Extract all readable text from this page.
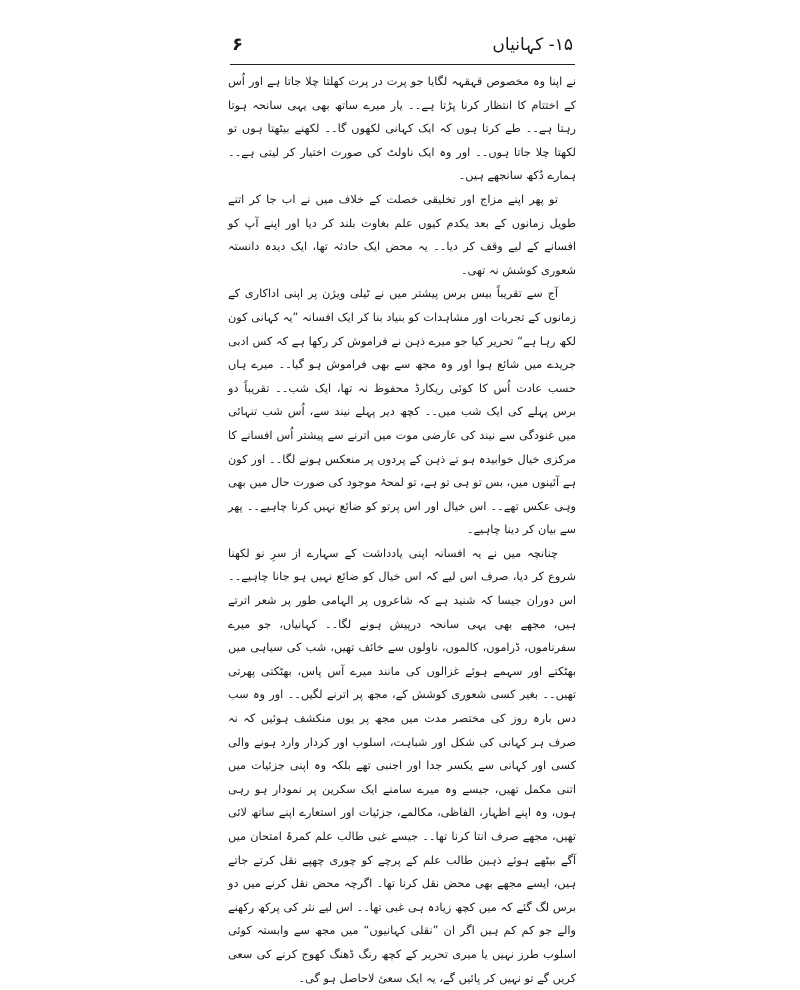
۶	۱۵- کہانیاں

نے اپنا وہ مخصوص قہقہہ لگایا جو پرت در پرت کھلتا چلا جاتا ہے اور اُس کے اختتام کا انتظار کرنا پڑتا ہے۔۔ یار میرے ساتھ بھی یہی سانحہ ہوتا رہتا ہے۔۔ طے کرتا ہوں کہ ایک کہانی لکھوں گا۔۔ لکھنے بیٹھتا ہوں تو لکھتا چلا جاتا ہوں۔۔ اور وہ ایک ناولٹ کی صورت اختیار کر لیتی ہے۔۔ ہمارے دُکھ سانجھے ہیں۔

تو پھر اپنے مزاج اور تخلیقی خصلت کے خلاف میں نے اب جا کر اتنے طویل زمانوں کے بعد یکدم کیوں علم بغاوت بلند کر دیا اور اپنے آپ کو افسانے کے لیے وقف کر دیا۔۔ یہ محض ایک حادثہ تھا، ایک دیدہ دانستہ شعوری کوشش نہ تھی۔

آج سے تقریباً بیس برس پیشتر میں نے ٹیلی ویژن پر اپنی اداکاری کے زمانوں کے تجربات اور مشاہدات کو بنیاد بنا کر ایک افسانہ ”یہ کہانی کون لکھ رہا ہے“ تحریر کیا جو میرے ذہن نے فراموش کر رکھا ہے کہ کس ادبی جریدے میں شائع ہوا اور وہ مجھ سے بھی فراموش ہو گیا۔۔ میرے ہاں حسب عادت اُس کا کوئی ریکارڈ محفوظ نہ تھا، ایک شب۔۔ تقریباً دو برس پہلے کی ایک شب میں۔۔ کچھ دیر پہلے نیند سے، اُس شب تنہائی میں غنودگی سے نیند کی عارضی موت میں اترنے سے پیشتر اُس افسانے کا مرکزی خیال خوابیدہ ہو تے ذہن کے پردوں پر منعکس ہونے لگا۔۔ اور کون ہے آئینوں میں، بس تو ہی تو ہے، تو لمحۂ موجود کی صورت حال میں بھی وہی عکس تھے۔۔ اس خیال اور اس پرتو کو ضائع نہیں کرنا چاہیے۔۔ پھر سے بیان کر دینا چاہیے۔

چنانچہ میں نے یہ افسانہ اپنی یادداشت کے سہارے از سرِ نو لکھنا شروع کر دیا، صرف اس لیے کہ اس خیال کو ضائع نہیں ہو جانا چاہیے۔۔ اس دوران جیسا کہ شنید ہے کہ شاعروں پر الہامی طور پر شعر اترتے ہیں، مجھے بھی یہی سانحہ درپیش ہونے لگا۔۔ کہانیاں، جو میرے سفرناموں، ڈراموں، کالموں، ناولوں سے خائف تھیں، شب کی سیاہی میں بھٹکتے اور سہمے ہوئے غزالوں کی مانند میرے آس پاس، بھٹکتی پھرتی تھیں۔۔ بغیر کسی شعوری کوشش کے، مجھ پر اترنے لگیں۔۔ اور وہ سب دس بارہ روز کی مختصر مدت میں مجھ پر یوں منکشف ہوئیں کہ نہ صرف ہر کہانی کی شکل اور شباہت، اسلوب اور کردار وارد ہونے والی کسی اور کہانی سے یکسر جدا اور اجنبی تھے بلکہ وہ اپنی جزئیات میں اتنی مکمل تھیں، جیسے وہ میرے سامنے ایک سکرین پر نمودار ہو رہی ہوں، وہ اپنے اظہار، الفاظی، مکالمے، جزئیات اور استعارے اپنے ساتھ لائی تھیں، مجھے صرف انتا کرنا تھا۔۔ جیسے غبی طالب علم کمرۂ امتحان میں آگے بیٹھے ہوئے ذہین طالب علم کے پرچے کو چوری چھپے نقل کرتے جاتے ہیں، ایسے مجھے بھی محض نقل کرنا تھا۔ اگرچہ محض نقل کرنے میں دو برس لگ گئے کہ میں کچھ زیادہ ہی غبی تھا۔۔ اس لیے نثر کی پرکھ رکھنے والے جو کم کم ہیں اگر ان ”نقلی کہانیوں“ میں مجھ سے وابستہ کوئی اسلوب طرز نہیں یا میری تحریر کے کچھ رنگ ڈھنگ کھوج کرنے کی سعی کریں گے تو نہیں کر پائیں گے، یہ ایک سعیٔ لاحاصل ہو گی۔
